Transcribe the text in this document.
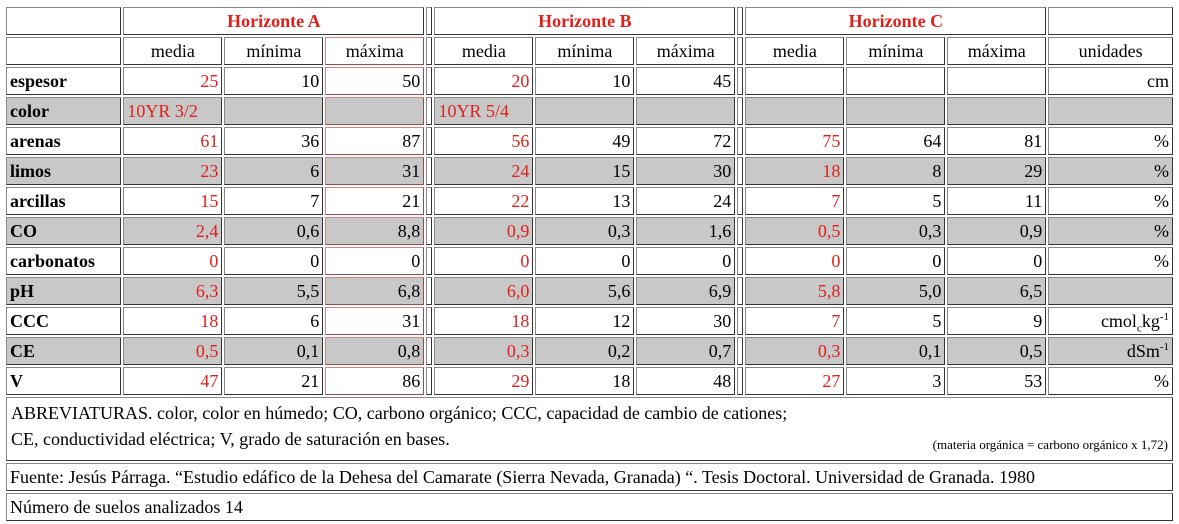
	Horizonte A				Horizonte B				Horizonte C			
	media	mínima	máxima		media	mínima	máxima		media	mínima	máxima	unidades
espesor	25	10	50		20	10	45					cm
color	10YR 3/2				10YR 5/4							
arenas	61	36	87		56	49	72		75	64	81	%
limos	23	6	31		24	15	30		18	8	29	%
arcillas	15	7	21		22	13	24		7	5	11	%
CO	2,4	0,6	8,8		0,9	0,3	1,6		0,5	0,3	0,9	%
carbonatos	0	0	0		0	0	0		0	0	0	%
pH	6,3	5,5	6,8		6,0	5,6	6,9		5,8	5,0	6,5	
CCC	18	6	31		18	12	30		7	5	9	$cmol_ckg^{-1}$
CE	0,5	0,1	0,8		0,3	0,2	0,7		0,3	0,1	0,5	dSm$^{-1}$
V	47	21	86		29	18	48		27	3	53	%

ABREVIATURAS. color, color en húmedo; CO, carbono orgánico; CCC, capacidad de cambio de cationes;
CE, conductividad eléctrica; V, grado de saturación en bases. (materia orgánica = carbono orgánico x 1,72)												

Fuente: Jesús Párraga. “Estudio edáfico de la Dehesa del Camarate (Sierra Nevada, Granada) “. Tesis Doctoral. Universidad de Granada. 1980												
Número de suelos analizados 14												
